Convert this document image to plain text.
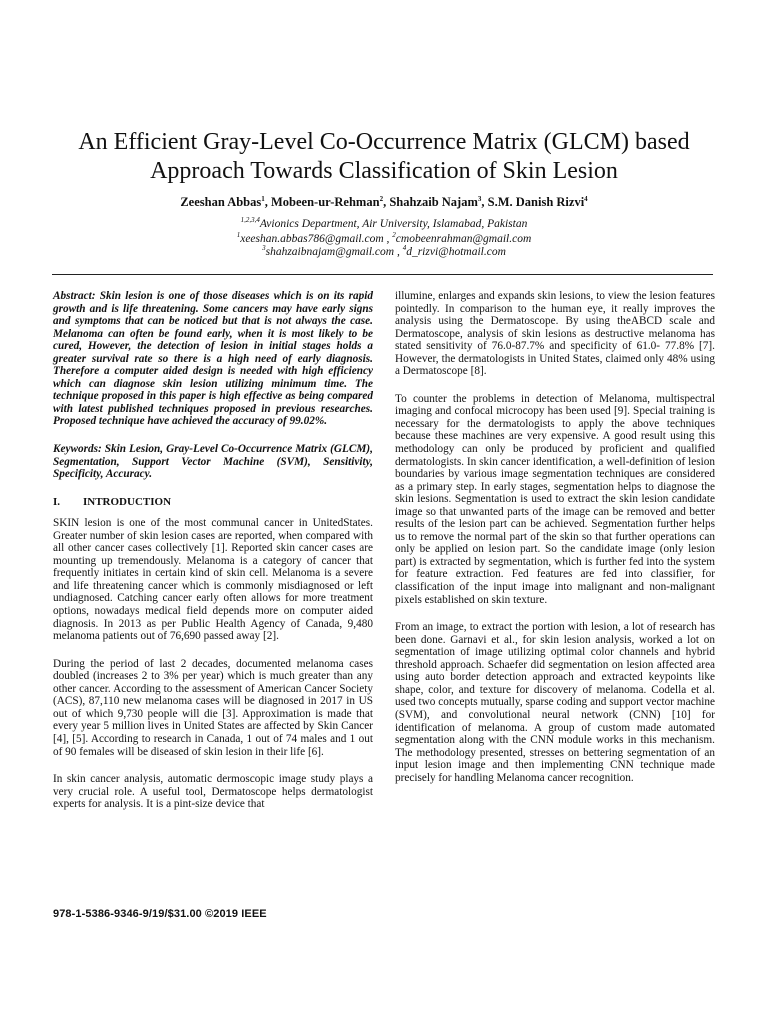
An Efficient Gray-Level Co-Occurrence Matrix (GLCM) based
Approach Towards Classification of Skin Lesion
Zeeshan Abbas$^1$, Mobeen-ur-Rehman$^2$, Shahzaib Najam$^3$, S.M. Danish Rizvi$^4$
$^{1,2,3,4}$Avionics Department, Air University, Islamabad, Pakistan
$^1$xeeshan.abbas786@gmail.com , $^2$cmobeenrahman@gmail.com
$^3$shahzaibnajam@gmail.com , $^4$d_rizvi@hotmail.com

Abstract: Skin lesion is one of those diseases which is on its rapid growth and is life threatening. Some cancers may have early signs and symptoms that can be noticed but that is not always the case. Melanoma can often be found early, when it is most likely to be cured, However, the detection of lesion in initial stages holds a greater survival rate so there is a high need of early diagnosis. Therefore a computer aided design is needed with high efficiency which can diagnose skin lesion utilizing minimum time. The technique proposed in this paper is high effective as being compared with latest published techniques proposed in previous researches. Proposed technique have achieved the accuracy of 99.02%.

Keywords: Skin Lesion, Gray-Level Co-Occurrence Matrix (GLCM), Segmentation, Support Vector Machine (SVM), Sensitivity, Specificity, Accuracy.

I. INTRODUCTION

SKIN lesion is one of the most communal cancer in UnitedStates. Greater number of skin lesion cases are reported, when compared with all other cancer cases collectively [1]. Reported skin cancer cases are mounting up tremendously. Melanoma is a category of cancer that frequently initiates in certain kind of skin cell. Melanoma is a severe and life threatening cancer which is commonly misdiagnosed or left undiagnosed. Catching cancer early often allows for more treatment options, nowadays medical field depends more on computer aided diagnosis. In 2013 as per Public Health Agency of Canada, 9,480 melanoma patients out of 76,690 passed away [2].

During the period of last 2 decades, documented melanoma cases doubled (increases 2 to 3% per year) which is much greater than any other cancer. According to the assessment of American Cancer Society (ACS), 87,110 new melanoma cases will be diagnosed in 2017 in US out of which 9,730 people will die [3]. Approximation is made that every year 5 million lives in United States are affected by Skin Cancer [4], [5]. According to research in Canada, 1 out of 74 males and 1 out of 90 females will be diseased of skin lesion in their life [6].

In skin cancer analysis, automatic dermoscopic image study plays a very crucial role. A useful tool, Dermatoscope helps dermatologist experts for analysis. It is a pint-size device that

illumine, enlarges and expands skin lesions, to view the lesion features pointedly. In comparison to the human eye, it really improves the analysis using the Dermatoscope. By using theABCD scale and Dermatoscope, analysis of skin lesions as destructive melanoma has stated sensitivity of 76.0-87.7% and specificity of 61.0- 77.8% [7]. However, the dermatologists in United States, claimed only 48% using a Dermatoscope [8].

To counter the problems in detection of Melanoma, multispectral imaging and confocal microcopy has been used [9]. Special training is necessary for the dermatologists to apply the above techniques because these machines are very expensive. A good result using this methodology can only be produced by proficient and qualified dermatologists. In skin cancer identification, a well-definition of lesion boundaries by various image segmentation techniques are considered as a primary step. In early stages, segmentation helps to diagnose the skin lesions. Segmentation is used to extract the skin lesion candidate image so that unwanted parts of the image can be removed and better results of the lesion part can be achieved. Segmentation further helps us to remove the normal part of the skin so that further operations can only be applied on lesion part. So the candidate image (only lesion part) is extracted by segmentation, which is further fed into the system for feature extraction. Fed features are fed into classifier, for classification of the input image into malignant and non-malignant pixels established on skin texture.

From an image, to extract the portion with lesion, a lot of research has been done. Garnavi et al., for skin lesion analysis, worked a lot on segmentation of image utilizing optimal color channels and hybrid threshold approach. Schaefer did segmentation on lesion affected area using auto border detection approach and extracted keypoints like shape, color, and texture for discovery of melanoma. Codella et al. used two concepts mutually, sparse coding and support vector machine (SVM), and convolutional neural network (CNN) [10] for identification of melanoma. A group of custom made automated segmentation along with the CNN module works in this mechanism. The methodology presented, stresses on bettering segmentation of an input lesion image and then implementing CNN technique made precisely for handling Melanoma cancer recognition.

978-1-5386-9346-9/19/$31.00 ©2019 IEEE
